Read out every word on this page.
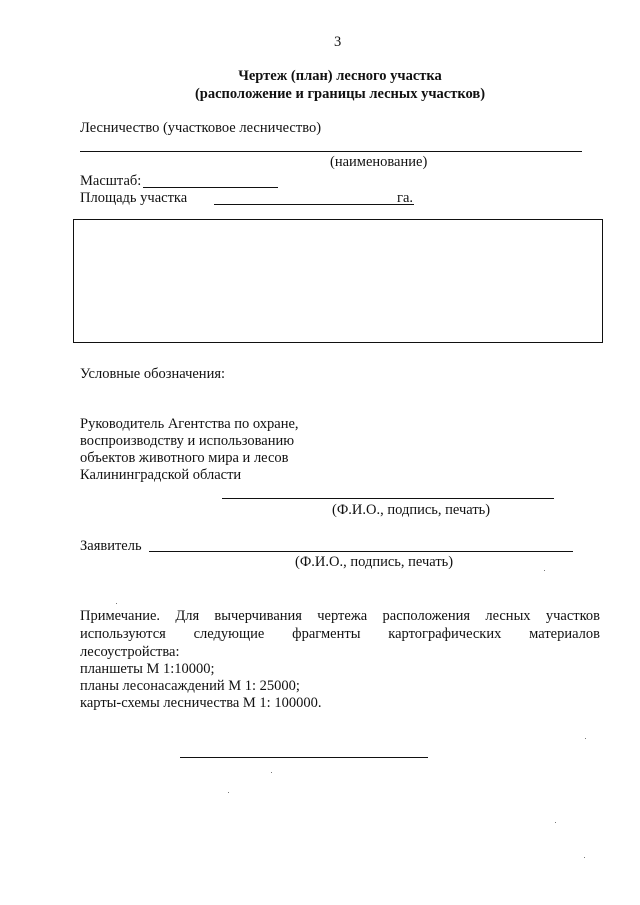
3
Чертеж (план) лесного участка
(расположение и границы лесных участков)
Лесничество (участковое лесничество)
(наименование)
Масштаб:
Площадь участка	га.
Условные обозначения:
Руководитель Агентства по охране,
воспроизводству и использованию
объектов животного мира и лесов
Калининградской области
(Ф.И.О., подпись, печать)
Заявитель
(Ф.И.О., подпись, печать)
Примечание. Для вычерчивания чертежа расположения лесных участков
используются следующие фрагменты картографических материалов
лесоустройства:
планшеты М 1:10000;
планы лесонасаждений М 1: 25000;
карты-схемы лесничества М 1: 100000.
